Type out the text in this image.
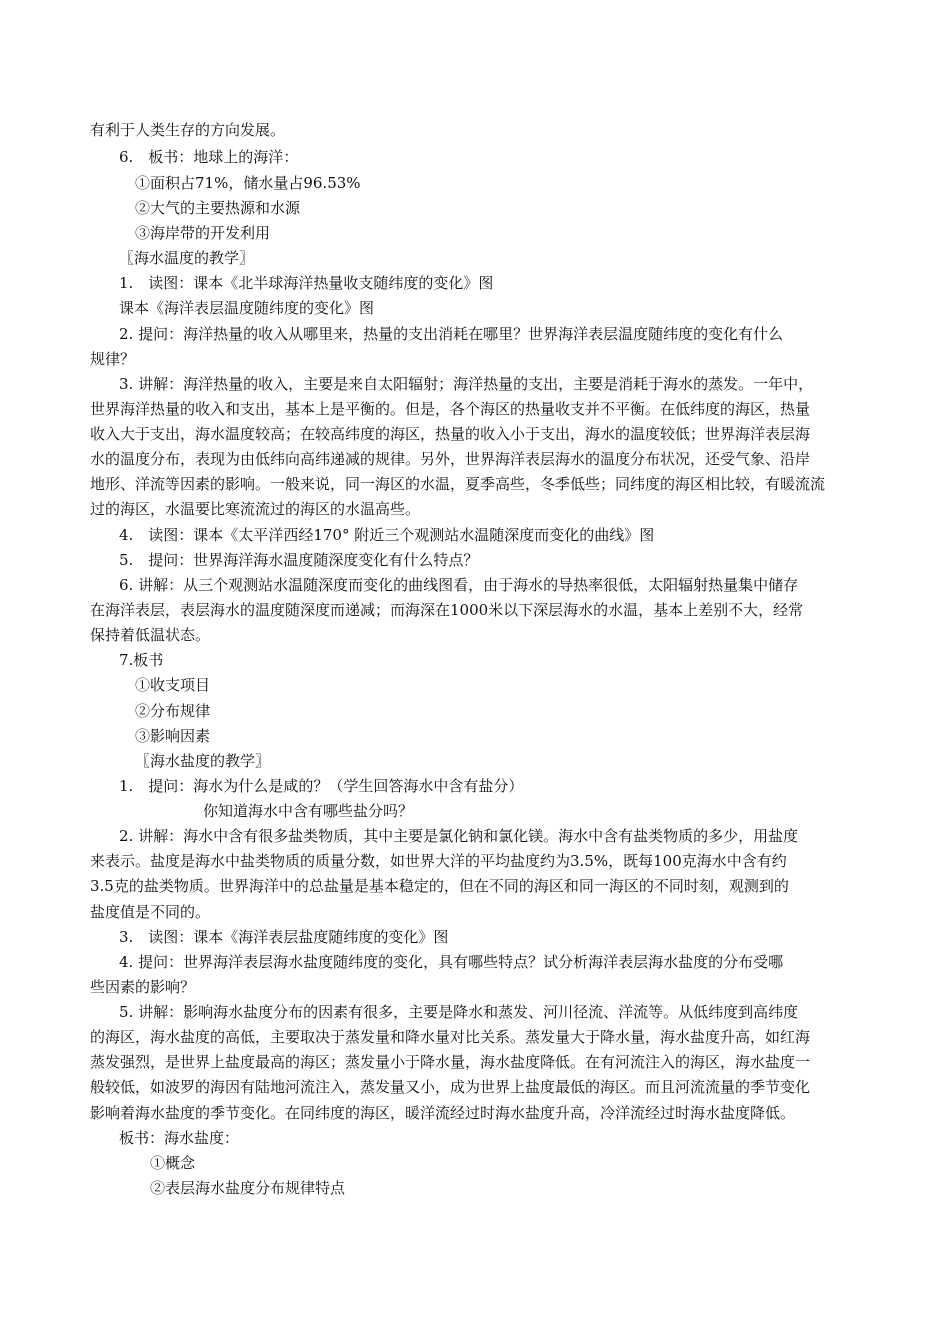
有利于人类生存的方向发展。
6.　板书：地球上的海洋：
①面积占71%，储水量占96.53%
②大气的主要热源和水源
③海岸带的开发利用
〖海水温度的教学〗
1.　读图：课本《北半球海洋热量收支随纬度的变化》图
课本《海洋表层温度随纬度的变化》图
2. 提问：海洋热量的收入从哪里来，热量的支出消耗在哪里？世界海洋表层温度随纬度的变化有什么
规律？
3. 讲解：海洋热量的收入，主要是来自太阳辐射；海洋热量的支出，主要是消耗于海水的蒸发。一年中，
世界海洋热量的收入和支出，基本上是平衡的。但是，各个海区的热量收支并不平衡。在低纬度的海区，热量
收入大于支出，海水温度较高；在较高纬度的海区，热量的收入小于支出，海水的温度较低；世界海洋表层海
水的温度分布，表现为由低纬向高纬递减的规律。另外，世界海洋表层海水的温度分布状况，还受气象、沿岸
地形、洋流等因素的影响。一般来说，同一海区的水温，夏季高些，冬季低些；同纬度的海区相比较，有暖流流
过的海区，水温要比寒流流过的海区的水温高些。
4.　读图：课本《太平洋西经170° 附近三个观测站水温随深度而变化的曲线》图
5.　提问：世界海洋海水温度随深度变化有什么特点？
6. 讲解：从三个观测站水温随深度而变化的曲线图看，由于海水的导热率很低，太阳辐射热量集中储存
在海洋表层，表层海水的温度随深度而递减；而海深在1000米以下深层海水的水温，基本上差别不大，经常
保持着低温状态。
7.板书
①收支项目
②分布规律
③影响因素
〖海水盐度的教学〗
1.　提问：海水为什么是咸的？（学生回答海水中含有盐分）
你知道海水中含有哪些盐分吗？
2. 讲解：海水中含有很多盐类物质，其中主要是氯化钠和氯化镁。海水中含有盐类物质的多少，用盐度
来表示。盐度是海水中盐类物质的质量分数，如世界大洋的平均盐度约为3.5%，既每100克海水中含有约
3.5克的盐类物质。世界海洋中的总盐量是基本稳定的，但在不同的海区和同一海区的不同时刻，观测到的
盐度值是不同的。
3.　读图：课本《海洋表层盐度随纬度的变化》图
4. 提问：世界海洋表层海水盐度随纬度的变化，具有哪些特点？试分析海洋表层海水盐度的分布受哪
些因素的影响？
5. 讲解：影响海水盐度分布的因素有很多，主要是降水和蒸发、河川径流、洋流等。从低纬度到高纬度
的海区，海水盐度的高低，主要取决于蒸发量和降水量对比关系。蒸发量大于降水量，海水盐度升高，如红海
蒸发强烈，是世界上盐度最高的海区；蒸发量小于降水量，海水盐度降低。在有河流注入的海区，海水盐度一
般较低，如波罗的海因有陆地河流注入，蒸发量又小，成为世界上盐度最低的海区。而且河流流量的季节变化
影响着海水盐度的季节变化。在同纬度的海区，暖洋流经过时海水盐度升高，冷洋流经过时海水盐度降低。
板书：海水盐度：
①概念
②表层海水盐度分布规律特点
